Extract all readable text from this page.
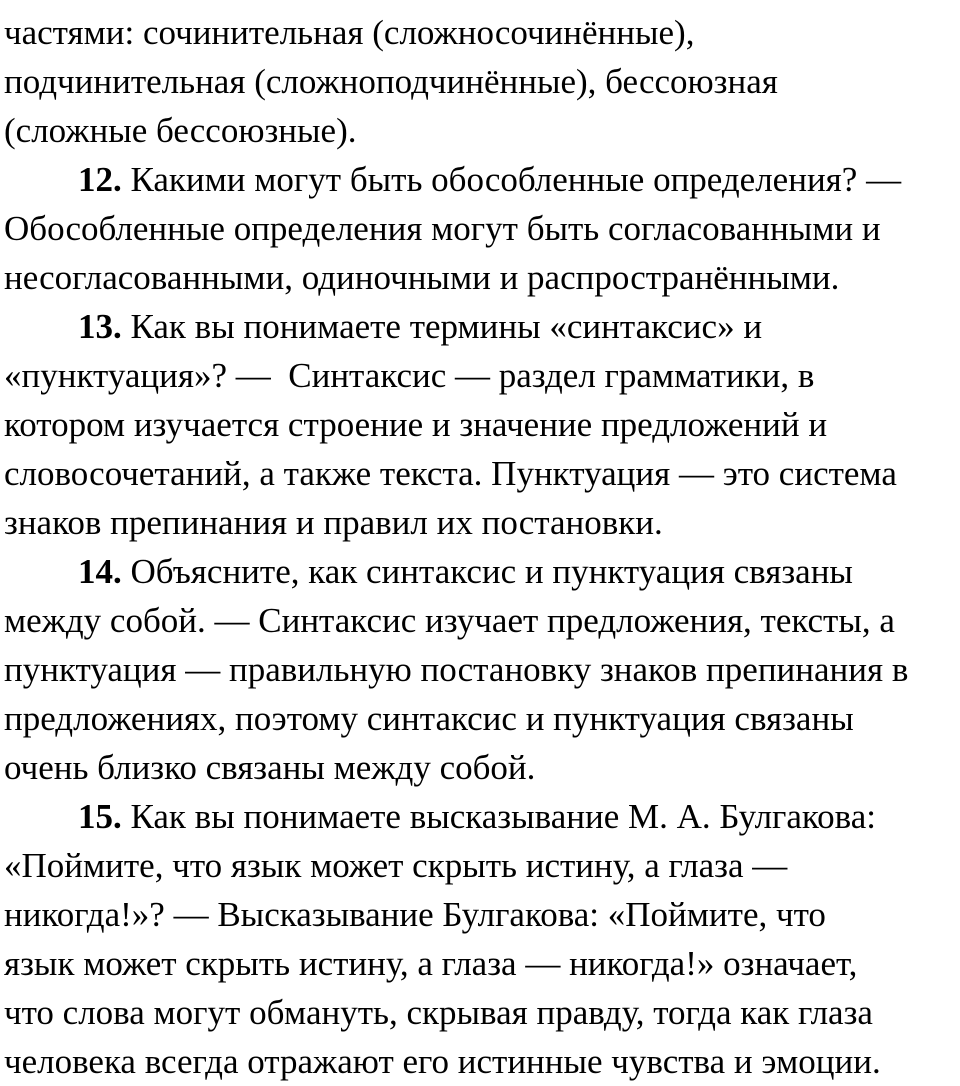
частями: сочинительная (сложносочинённые),
подчинительная (сложноподчинённые), бессоюзная
(сложные бессоюзные).
12. Какими могут быть обособленные определения? —
Обособленные определения могут быть согласованными и
несогласованными, одиночными и распространёнными.
13. Как вы понимаете термины «синтаксис» и
«пунктуация»? —  Синтаксис — раздел грамматики, в
котором изучается строение и значение предложений и
словосочетаний, а также текста. Пунктуация — это система
знаков препинания и правил их постановки.
14. Объясните, как синтаксис и пунктуация связаны
между собой. — Синтаксис изучает предложения, тексты, а
пунктуация — правильную постановку знаков препинания в
предложениях, поэтому синтаксис и пунктуация связаны
очень близко связаны между собой.
15. Как вы понимаете высказывание М. А. Булгакова:
«Поймите, что язык может скрыть истину, а глаза —
никогда!»? — Высказывание Булгакова: «Поймите, что
язык может скрыть истину, а глаза — никогда!» означает,
что слова могут обмануть, скрывая правду, тогда как глаза
человека всегда отражают его истинные чувства и эмоции.
